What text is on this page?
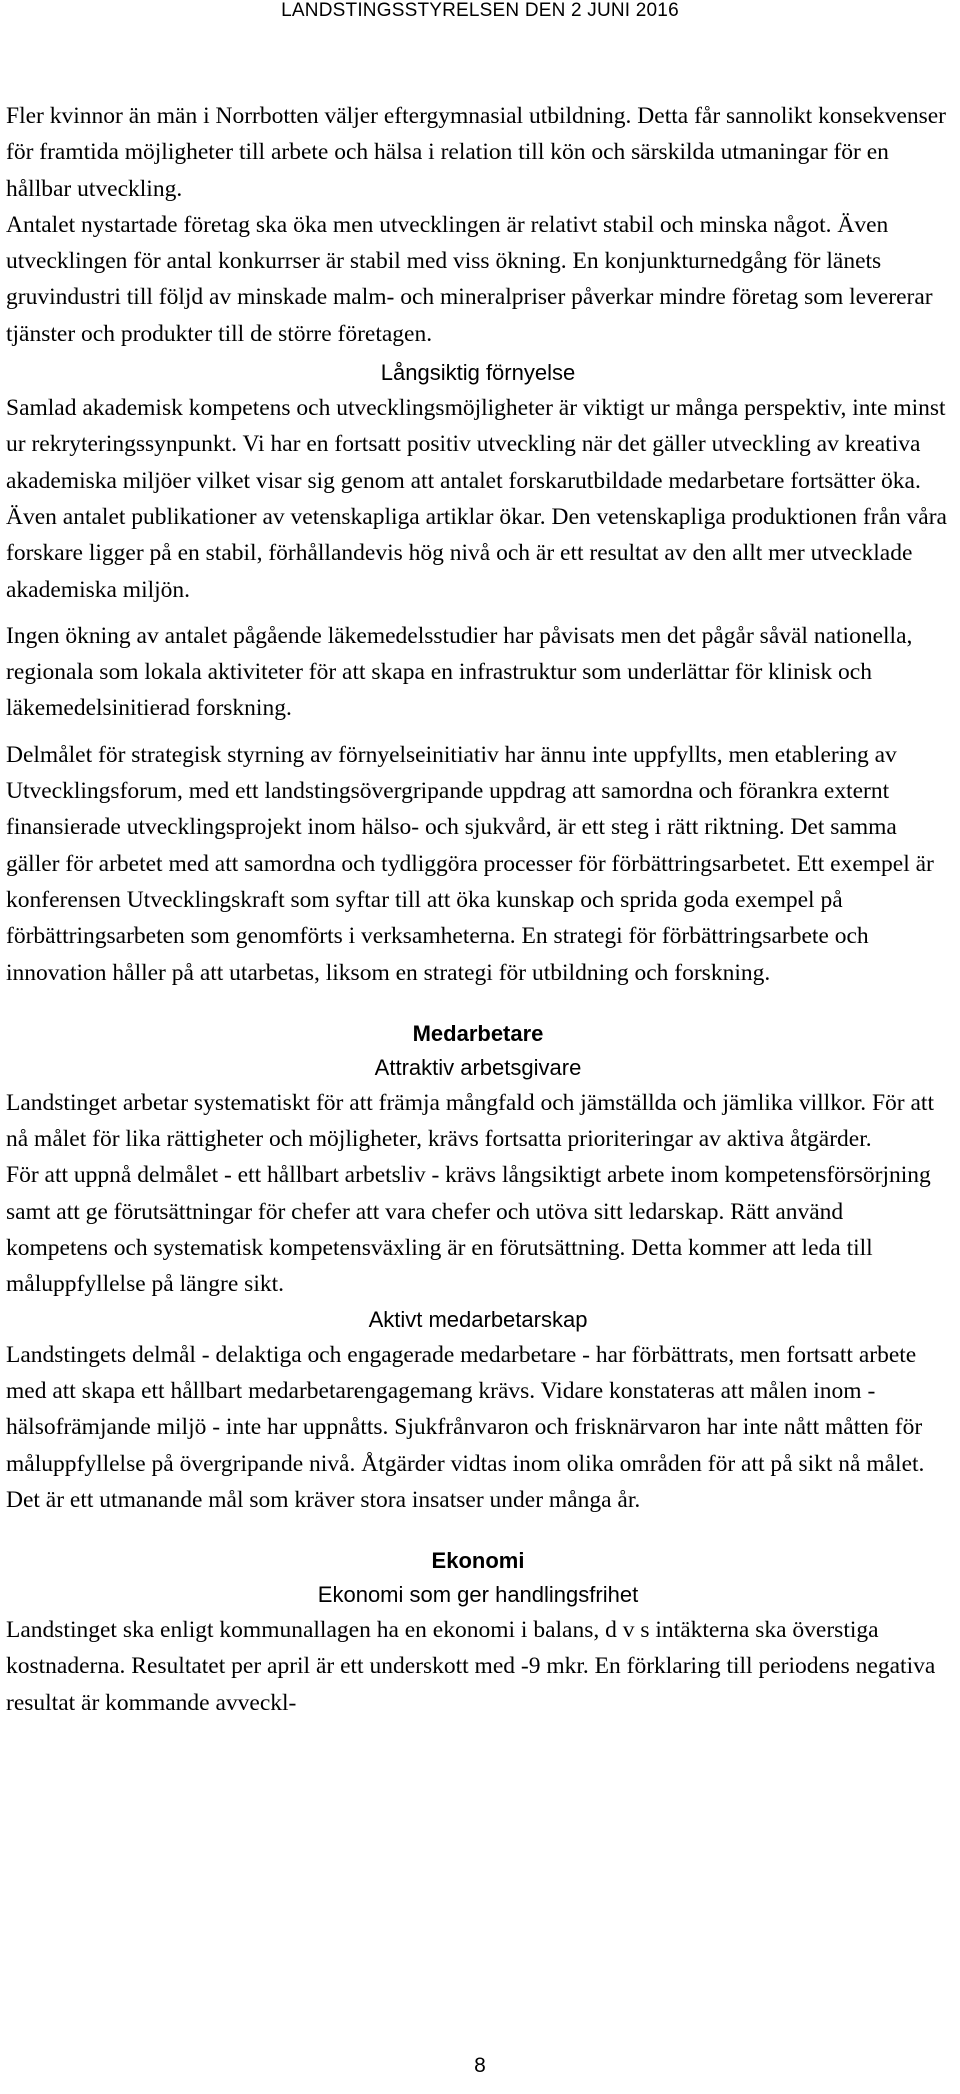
LANDSTINGSSTYRELSEN DEN 2 JUNI 2016

Fler kvinnor än män i Norrbotten väljer eftergymnasial utbildning. Detta får sannolikt konsekvenser för framtida möjligheter till arbete och hälsa i relation till kön och särskilda utmaningar för en hållbar utveckling.

Antalet nystartade företag ska öka men utvecklingen är relativt stabil och minska något. Även utvecklingen för antal konkurrser är stabil med viss ökning. En konjunkturnedgång för länets gruvindustri till följd av minskade malm- och mineralpriser påverkar mindre företag som levererar tjänster och produkter till de större företagen.

Långsiktig förnyelse

Samlad akademisk kompetens och utvecklingsmöjligheter är viktigt ur många perspektiv, inte minst ur rekryteringssynpunkt. Vi har en fortsatt positiv utveckling när det gäller utveckling av kreativa akademiska miljöer vilket visar sig genom att antalet forskarutbildade medarbetare fortsätter öka. Även antalet publikationer av vetenskapliga artiklar ökar. Den vetenskapliga produktionen från våra forskare ligger på en stabil, förhållandevis hög nivå och är ett resultat av den allt mer utvecklade akademiska miljön.

Ingen ökning av antalet pågående läkemedelsstudier har påvisats men det pågår såväl nationella, regionala som lokala aktiviteter för att skapa en infrastruktur som underlättar för klinisk och läkemedelsinitierad forskning.

Delmålet för strategisk styrning av förnyelseinitiativ har ännu inte uppfyllts, men etablering av Utvecklingsforum, med ett landstingsövergripande uppdrag att samordna och förankra externt finansierade utvecklingsprojekt inom hälso- och sjukvård, är ett steg i rätt riktning. Det samma gäller för arbetet med att samordna och tydliggöra processer för förbättringsarbetet. Ett exempel är konferensen Utvecklingskraft som syftar till att öka kunskap och sprida goda exempel på förbättringsarbeten som genomförts i verksamheterna. En strategi för förbättringsarbete och innovation håller på att utarbetas, liksom en strategi för utbildning och forskning.

Medarbetare
Attraktiv arbetsgivare

Landstinget arbetar systematiskt för att främja mångfald och jämställda och jämlika villkor. För att nå målet för lika rättigheter och möjligheter, krävs fortsatta prioriteringar av aktiva åtgärder.

För att uppnå delmålet - ett hållbart arbetsliv - krävs långsiktigt arbete inom kompetensförsörjning samt att ge förutsättningar för chefer att vara chefer och utöva sitt ledarskap. Rätt använd kompetens och systematisk kompetensväxling är en förutsättning. Detta kommer att leda till måluppfyllelse på längre sikt.

Aktivt medarbetarskap

Landstingets delmål - delaktiga och engagerade medarbetare - har förbättrats, men fortsatt arbete med att skapa ett hållbart medarbetarengagemang krävs. Vidare konstateras att målen inom - hälsofrämjande miljö - inte har uppnåtts. Sjukfrånvaron och frisknärvaron har inte nått måtten för måluppfyllelse på övergripande nivå. Åtgärder vidtas inom olika områden för att på sikt nå målet. Det är ett utmanande mål som kräver stora insatser under många år.

Ekonomi
Ekonomi som ger handlingsfrihet

Landstinget ska enligt kommunallagen ha en ekonomi i balans, d v s intäkterna ska överstiga kostnaderna. Resultatet per april är ett underskott med -9 mkr. En förklaring till periodens negativa resultat är kommande avveckl-

8
